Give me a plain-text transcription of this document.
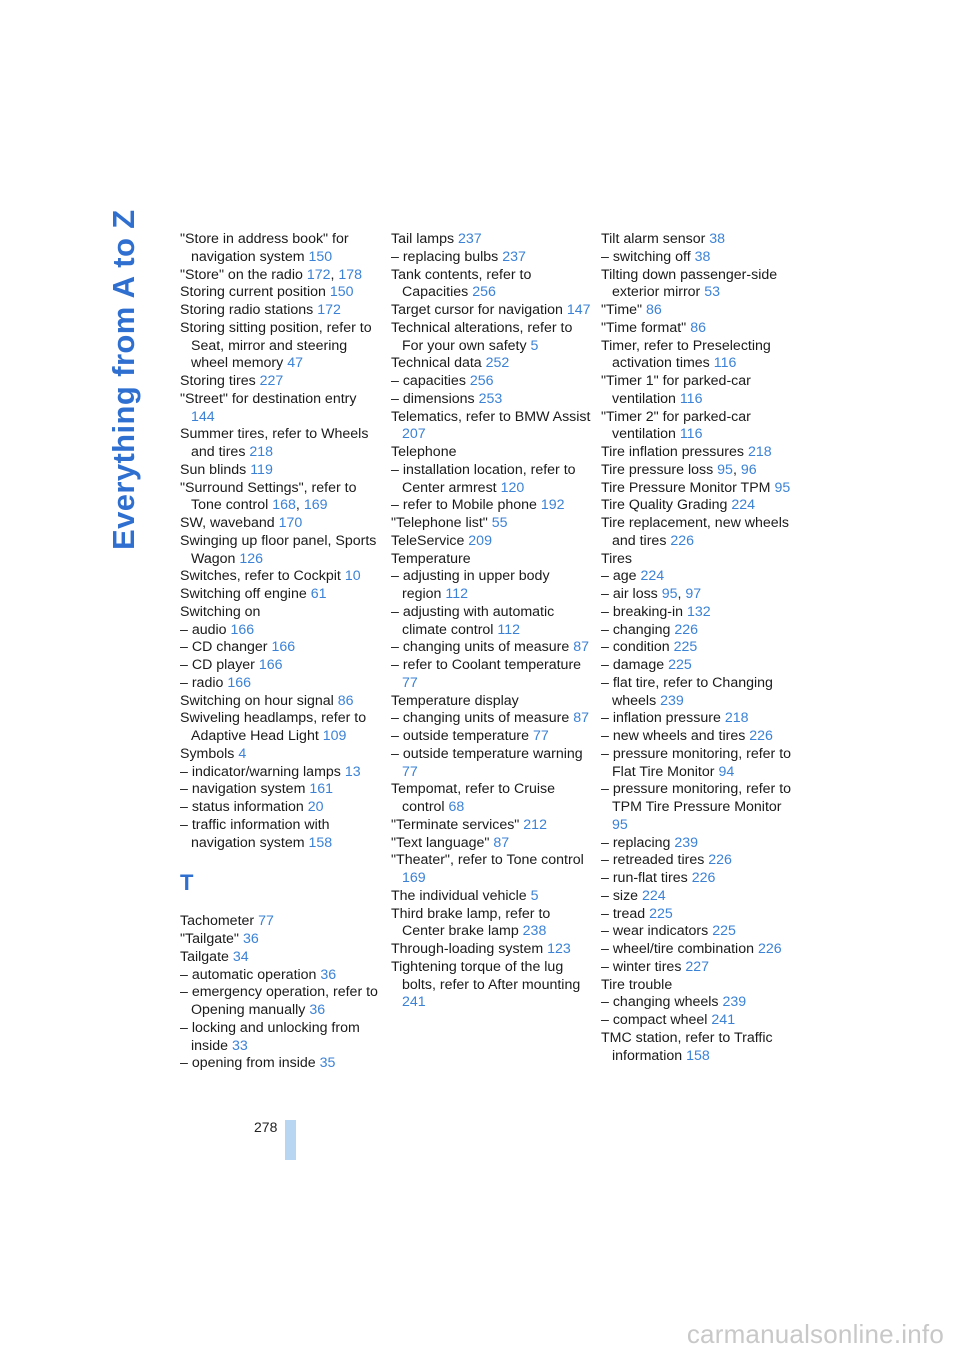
Everything from A to Z	"Store in address book" for navigation system 150

"Store" on the radio 172, 178

Storing current position 150

Storing radio stations 172

Storing sitting position, refer to Seat, mirror and steering wheel memory 47

Storing tires 227

"Street" for destination entry 144

Summer tires, refer to Wheels and tires 218

Sun blinds 119

"Surround Settings", refer to Tone control 168, 169

SW, waveband 170

Swinging up floor panel, Sports Wagon 126

Switches, refer to Cockpit 10

Switching off engine 61

Switching on

– audio 166

– CD changer 166

– CD player 166

– radio 166

Switching on hour signal 86

Swiveling headlamps, refer to Adaptive Head Light 109

Symbols 4

– indicator/warning lamps 13

– navigation system 161

– status information 20

– traffic information with navigation system 158

T

Tachometer 77

"Tailgate" 36

Tailgate 34

– automatic operation 36

– emergency operation, refer to Opening manually 36

– locking and unlocking from inside 33

– opening from inside 35

Tail lamps 237

– replacing bulbs 237

Tank contents, refer to Capacities 256

Target cursor for navigation 147

Technical alterations, refer to For your own safety 5

Technical data 252

– capacities 256

– dimensions 253

Telematics, refer to BMW Assist 207

Telephone

– installation location, refer to Center armrest 120

– refer to Mobile phone 192

"Telephone list" 55

TeleService 209

Temperature

– adjusting in upper body region 112

– adjusting with automatic climate control 112

– changing units of measure 87

– refer to Coolant temperature 77

Temperature display

– changing units of measure 87

– outside temperature 77

– outside temperature warning 77

Tempomat, refer to Cruise control 68

"Terminate services" 212

"Text language" 87

"Theater", refer to Tone control 169

The individual vehicle 5

Third brake lamp, refer to Center brake lamp 238

Through-loading system 123

Tightening torque of the lug bolts, refer to After mounting 241

Tilt alarm sensor 38

– switching off 38

Tilting down passenger-side exterior mirror 53

"Time" 86

"Time format" 86

Timer, refer to Preselecting activation times 116

"Timer 1" for parked-car ventilation 116

"Timer 2" for parked-car ventilation 116

Tire inflation pressures 218

Tire pressure loss 95, 96

Tire Pressure Monitor TPM 95

Tire Quality Grading 224

Tire replacement, new wheels and tires 226

Tires

– age 224

– air loss 95, 97

– breaking-in 132

– changing 226

– condition 225

– damage 225

– flat tire, refer to Changing wheels 239

– inflation pressure 218

– new wheels and tires 226

– pressure monitoring, refer to Flat Tire Monitor 94

– pressure monitoring, refer to TPM Tire Pressure Monitor 95

– replacing 239

– retreaded tires 226

– run-flat tires 226

– size 224

– tread 225

– wear indicators 225

– wheel/tire combination 226

– winter tires 227

Tire trouble

– changing wheels 239

– compact wheel 241

TMC station, refer to Traffic information 158

278
carmanualsonline.info
